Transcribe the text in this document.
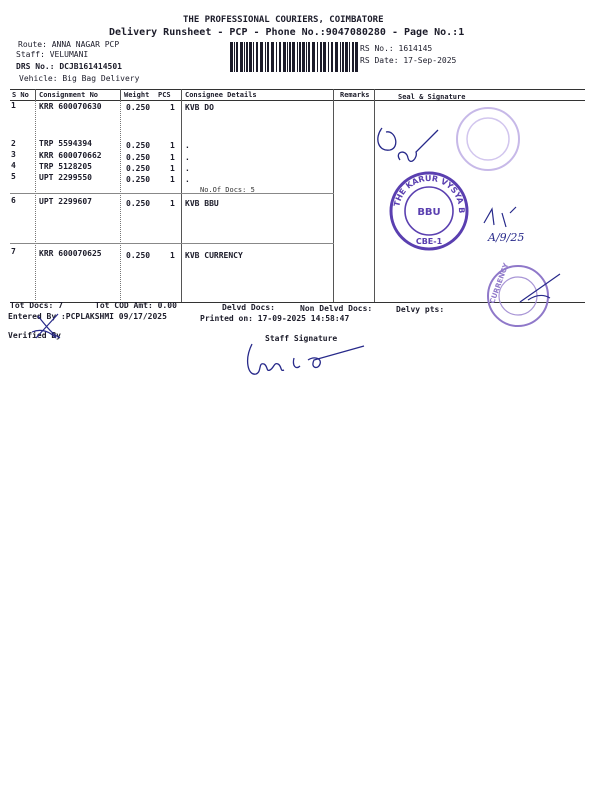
THE PROFESSIONAL COURIERS, COIMBATORE
Delivery Runsheet - PCP - Phone No.:9047080280 - Page No.:1
Route: ANNA NAGAR PCP
Staff: VELUMANI
DRS No.: DCJB161414501
Vehicle: Big Bag Delivery
RS No.: 1614145
RS Date: 17-Sep-2025
S No Consignment No	Weight PCS Consignee Details	Remarks	Seal & Signature
1	KRR 600070630	0.250 1 KVB DO
2	TRP 5594394	0.250 1 .
3	KRR 600070662	0.250 1 .
4	TRP 5128205	0.250 1 .
5	UPT 2299550	0.250 1 .
No.Of Docs: 5
6	UPT 2299607	0.250 1 KVB BBU
7	KRR 600070625	0.250 1 KVB CURRENCY
Tot Docs: 7	Tot COD Amt: 0.00	Delvd Docs:	Non Delvd Docs:	Delvy pts:
Entered By :PCPLAKSHMI 09/17/2025	Printed on: 17-09-2025 14:58:47
Verified By	Staff Signature
THE KARUR VYSYA BANK LTD
BBU
CBE-1
CURRENCY
A/9/25
